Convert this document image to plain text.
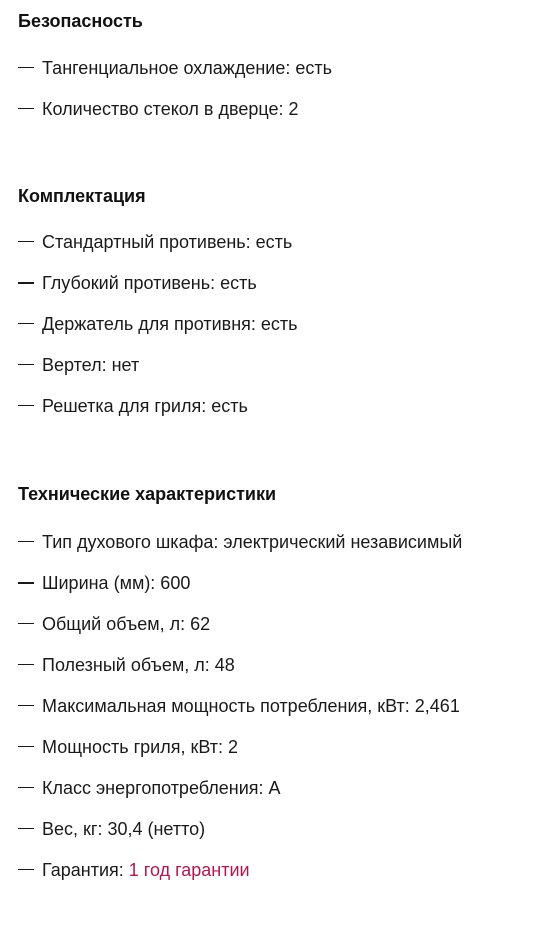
Безопасность
Тангенциальное охлаждение: есть
Количество стекол в дверце: 2
Комплектация
Стандартный противень: есть
Глубокий противень: есть
Держатель для противня: есть
Вертел: нет
Решетка для гриля: есть
Технические характеристики
Тип духового шкафа: электрический независимый
Ширина (мм): 600
Общий объем, л: 62
Полезный объем, л: 48
Максимальная мощность потребления, кВт: 2,461
Мощность гриля, кВт: 2
Класс энергопотребления: A
Вес, кг: 30,4 (нетто)
Гарантия: 1 год гарантии
